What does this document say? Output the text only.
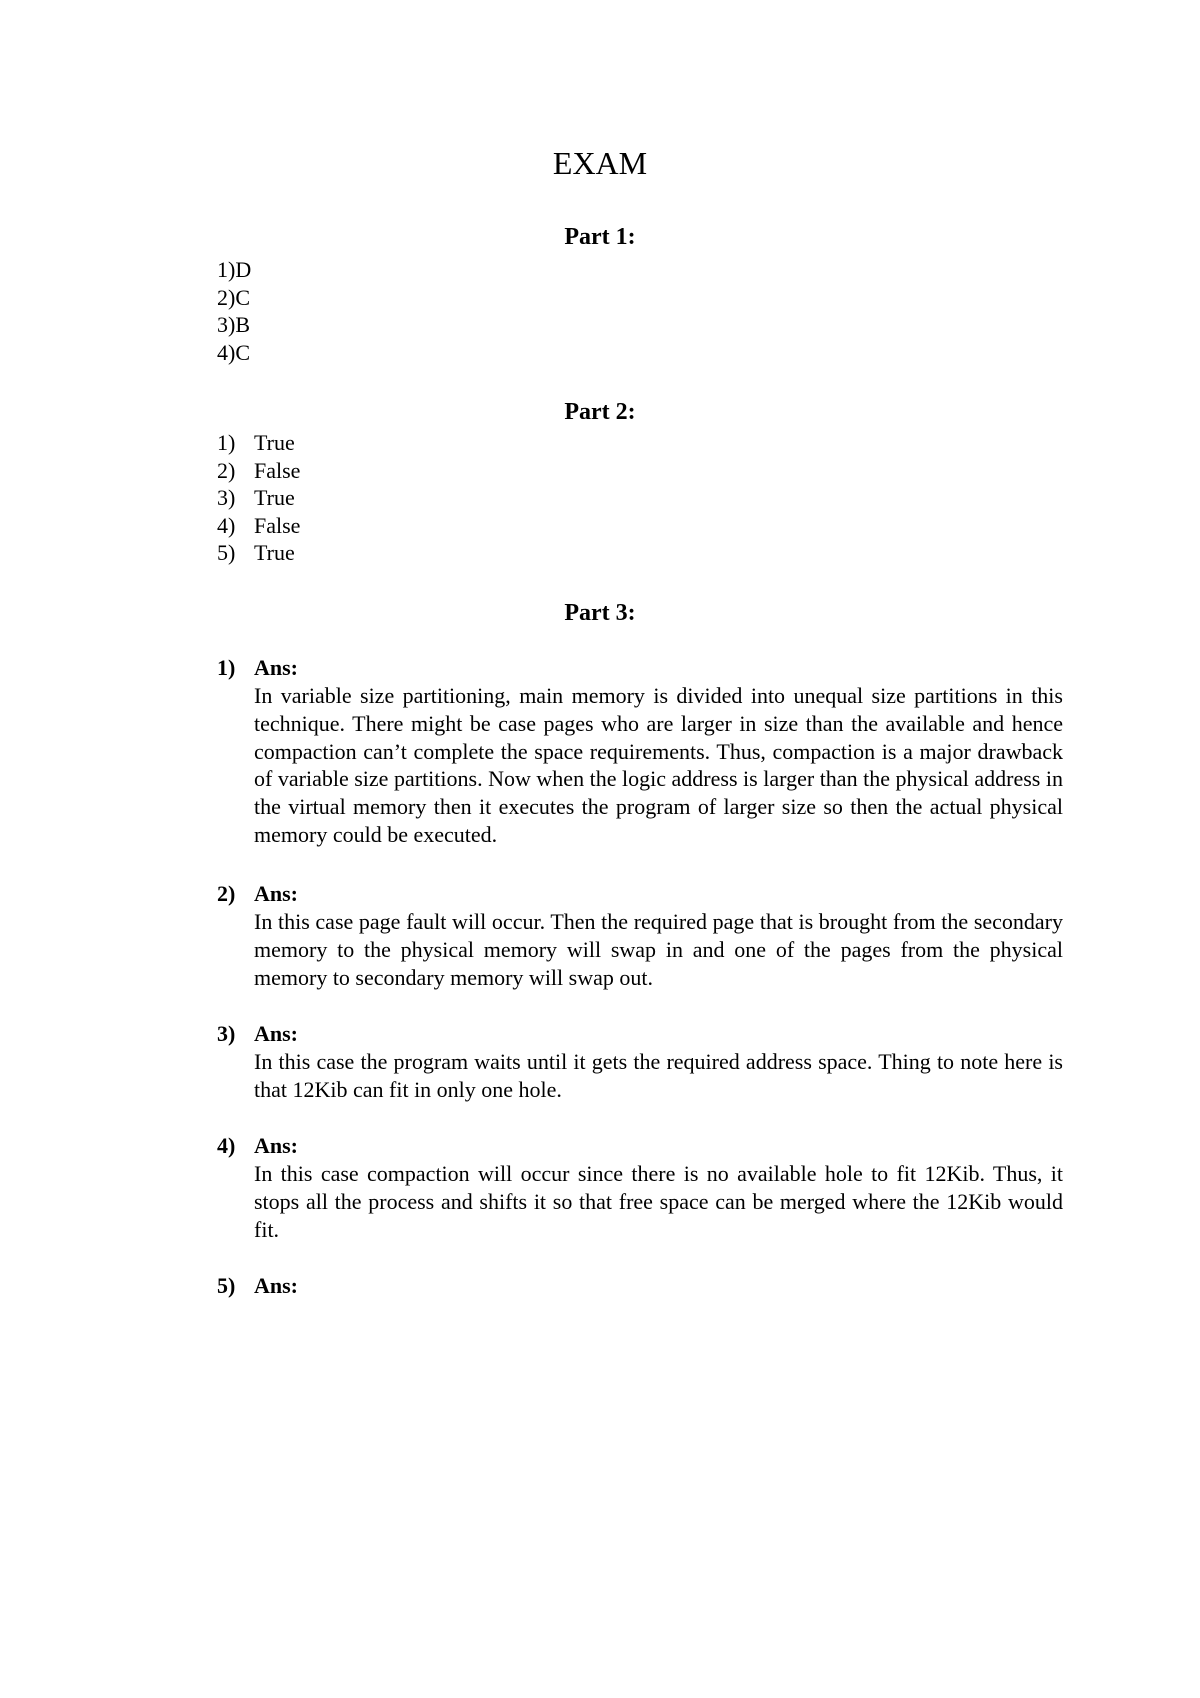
EXAM
Part 1:
1)D
2)C
3)B
4)C
Part 2:
1) True
2) False
3) True
4) False
5) True
Part 3:
1) Ans:

In variable size partitioning, main memory is divided into unequal size partitions in this technique. There might be case pages who are larger in size than the available and hence compaction can’t complete the space requirements. Thus, compaction is a major drawback of variable size partitions. Now when the logic address is larger than the physical address in the virtual memory then it executes the program of larger size so then the actual physical memory could be executed.

2) Ans:

In this case page fault will occur. Then the required page that is brought from the secondary memory to the physical memory will swap in and one of the pages from the physical memory to secondary memory will swap out.

3) Ans:

In this case the program waits until it gets the required address space. Thing to note here is that 12Kib can fit in only one hole.

4) Ans:

In this case compaction will occur since there is no available hole to fit 12Kib. Thus, it stops all the process and shifts it so that free space can be merged where the 12Kib would fit.

5) Ans:
